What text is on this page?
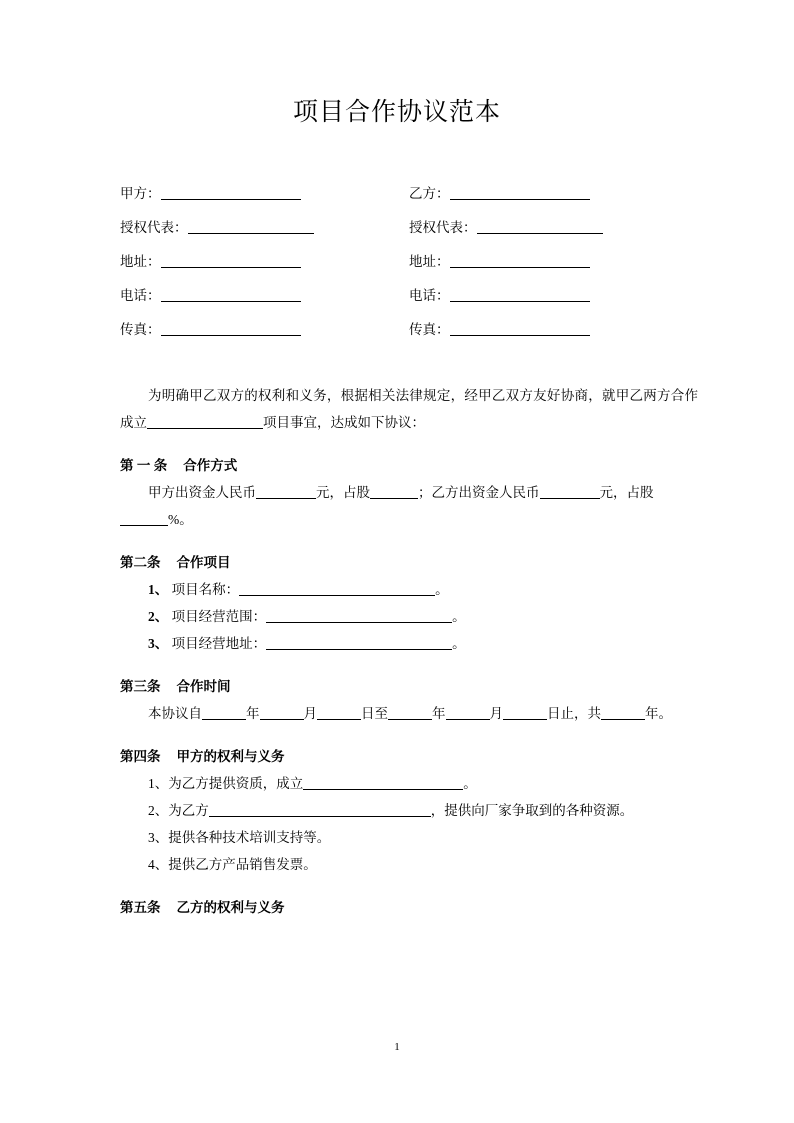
项目合作协议范本
甲方：	乙方：
授权代表：	授权代表：
地址：	地址：
电话：	电话：
传真：	传真：

为明确甲乙双方的权利和义务，根据相关法律规定，经甲乙双方友好协商，就甲乙两方合作成立	项目事宜，达成如下协议：

第 一 条 合作方式

甲方出资金人民币	元，占股	；乙方出资金人民币	元，占股

%。

第二条 合作项目

1、 项目名称：	。

2、 项目经营范围：	。

3、 项目经营地址：	。

第三条 合作时间

本协议自	年	月	日至	年	月	日止，共	年。

第四条 甲方的权利与义务

1、为乙方提供资质，成立	。

2、为乙方	，提供向厂家争取到的各种资源。

3、提供各种技术培训支持等。

4、提供乙方产品销售发票。

第五条 乙方的权利与义务

1
